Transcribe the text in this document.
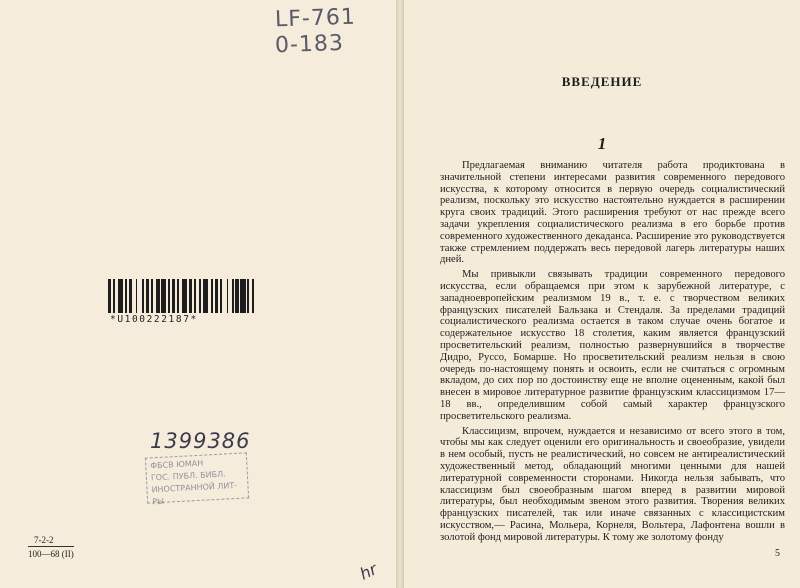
LF-761
0-183
*U100222187*
1399386
ФБСВ ЮМАН
ГОС. ПУБЛ. БИБЛ.
ИНОСТРАННОЙ ЛИТ-РЫ
7-2-2
100—68 (II)
hr
ВВЕДЕНИЕ
1

Предлагаемая вниманию читателя работа продиктована в значительной степени интересами развития современного передового искусства, к которому относится в первую очередь социалистический реализм, поскольку это искусство настоятельно нуждается в расширении круга своих традиций. Этого расширения требуют от нас прежде всего задачи укрепления социалистического реализма в его борьбе против современного художественного декаданса. Расширение это руководствуется также стремлением поддержать весь передовой лагерь литературы наших дней.

Мы привыкли связывать традиции современного передового искусства, если обращаемся при этом к зарубежной литературе, с западноевропейским реализмом 19 в., т. е. с творчеством великих французских писателей Бальзака и Стендаля. За пределами традиций социалистического реализма остается в таком случае очень богатое и содержательное искусство 18 столетия, каким является французский просветительский реализм, полностью развернувшийся в творчестве Дидро, Руссо, Бомарше. Но просветительский реализм нельзя в свою очередь по-настоящему понять и освоить, если не считаться с огромным вкладом, до сих пор по достоинству еще не вполне оцененным, какой был внесен в мировое литературное развитие французским классицизмом 17—18 вв., определившим собой самый характер французского просветительского реализма.

Классицизм, впрочем, нуждается и независимо от всего этого в том, чтобы мы как следует оценили его оригинальность и своеобразие, увидели в нем особый, пусть не реалистический, но совсем не антиреалистический художественный метод, обладающий многими ценными для нашей литературной современности сторонами. Никогда нельзя забывать, что классицизм был своеобразным шагом вперед в развитии мировой литературы, был необходимым звеном этого развития. Творения великих французских писателей, так или иначе связанных с классицистским искусством,— Расина, Мольера, Корнеля, Вольтера, Лафонтена вошли в золотой фонд мировой литературы. К тому же золотому фонду

5
